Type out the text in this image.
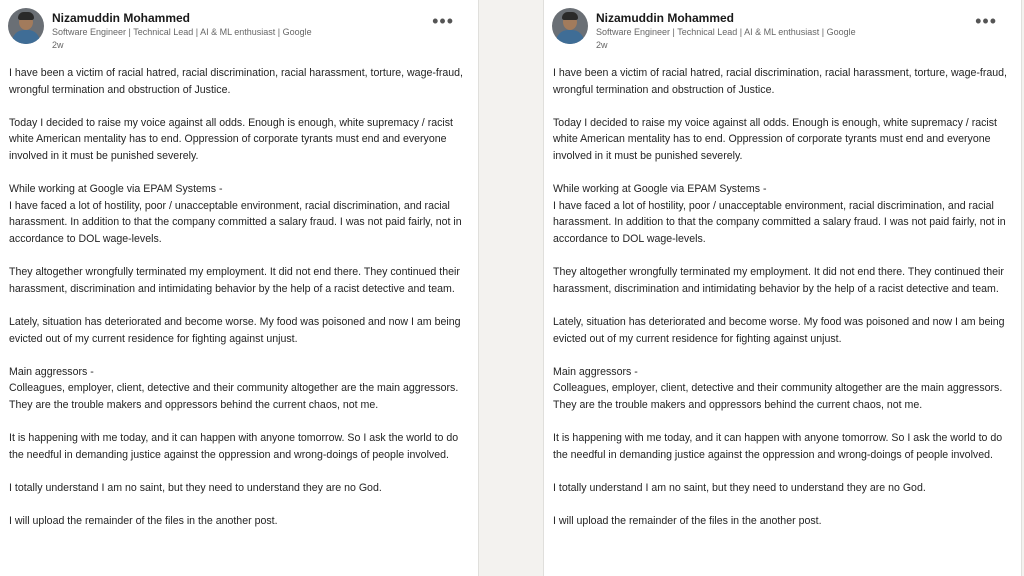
Nizamuddin Mohammed
Software Engineer | Technical Lead | AI & ML enthusiast | Google
2w
•••

I have been a victim of racial hatred, racial discrimination, racial harassment, torture, wage-fraud, wrongful termination and obstruction of Justice.

Today I decided to raise my voice against all odds. Enough is enough, white supremacy / racist white American mentality has to end. Oppression of corporate tyrants must end and everyone involved in it must be punished severely.

While working at Google via EPAM Systems -
I have faced a lot of hostility, poor / unacceptable environment, racial discrimination, and racial harassment. In addition to that the company committed a salary fraud. I was not paid fairly, not in accordance to DOL wage-levels.

They altogether wrongfully terminated my employment. It did not end there. They continued their harassment, discrimination and intimidating behavior by the help of a racist detective and team.

Lately, situation has deteriorated and become worse. My food was poisoned and now I am being evicted out of my current residence for fighting against unjust.

Main aggressors -
Colleagues, employer, client, detective and their community altogether are the main aggressors. They are the trouble makers and oppressors behind the current chaos, not me.

It is happening with me today, and it can happen with anyone tomorrow. So I ask the world to do the needful in demanding justice against the oppression and wrong-doings of people involved.

I totally understand I am no saint, but they need to understand they are no God.

I will upload the remainder of the files in the another post.

Nizamuddin Mohammed
Software Engineer | Technical Lead | AI & ML enthusiast | Google
2w
•••

I have been a victim of racial hatred, racial discrimination, racial harassment, torture, wage-fraud, wrongful termination and obstruction of Justice.

Today I decided to raise my voice against all odds. Enough is enough, white supremacy / racist white American mentality has to end. Oppression of corporate tyrants must end and everyone involved in it must be punished severely.

While working at Google via EPAM Systems -
I have faced a lot of hostility, poor / unacceptable environment, racial discrimination, and racial harassment. In addition to that the company committed a salary fraud. I was not paid fairly, not in accordance to DOL wage-levels.

They altogether wrongfully terminated my employment. It did not end there. They continued their harassment, discrimination and intimidating behavior by the help of a racist detective and team.

Lately, situation has deteriorated and become worse. My food was poisoned and now I am being evicted out of my current residence for fighting against unjust.

Main aggressors -
Colleagues, employer, client, detective and their community altogether are the main aggressors. They are the trouble makers and oppressors behind the current chaos, not me.

It is happening with me today, and it can happen with anyone tomorrow. So I ask the world to do the needful in demanding justice against the oppression and wrong-doings of people involved.

I totally understand I am no saint, but they need to understand they are no God.

I will upload the remainder of the files in the another post.
